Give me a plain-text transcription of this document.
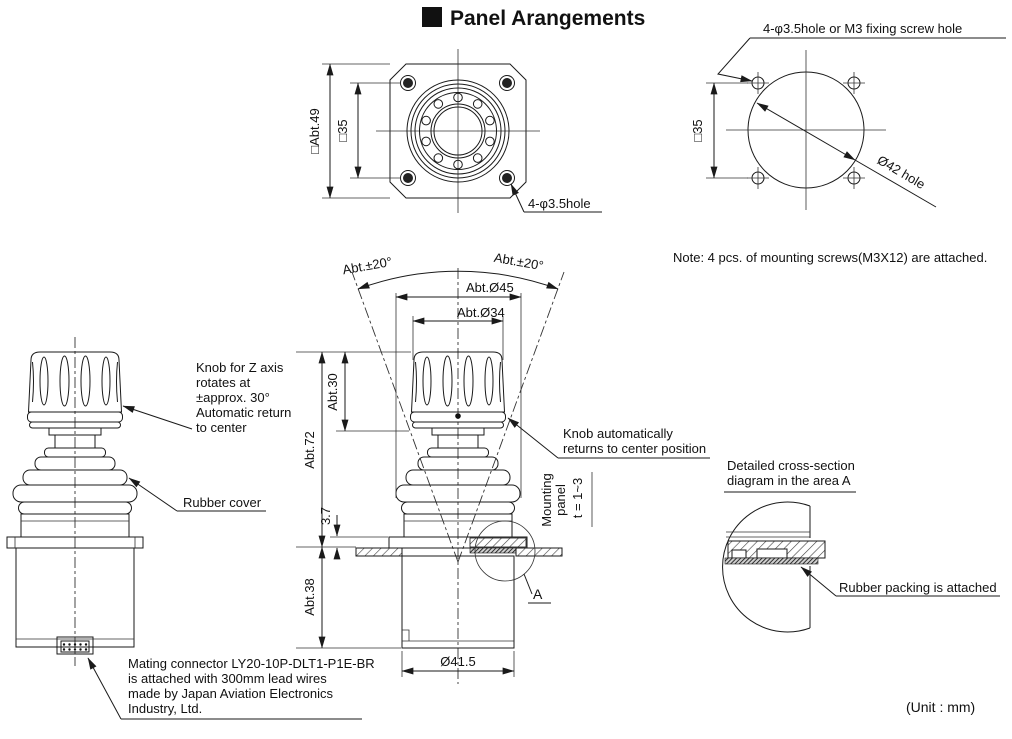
Panel Arangements
□Abt.49 □35
4-φ3.5hole
□35
Ø42 hole
4-φ3.5hole or M3 fixing screw hole
Note: 4 pcs. of mounting screws(M3X12) are attached.
Knob for Z axis
rotates at
±approx. 30°
Automatic return
to center
Rubber cover
Mating connector LY20-10P-DLT1-P1E-BR
is attached with 300mm lead wires
made by Japan Aviation Electronics
Industry, Ltd.
Abt.±20°	Abt.±20°
Abt.72
Abt.30
3.7
Abt.38
Abt.Ø45
Abt.Ø34
Ø41.5
Knob automatically
returns to center position
Mounting panel t = 1~3
A
Detailed cross-section
diagram in the area A
Rubber packing is attached
(Unit : mm)
